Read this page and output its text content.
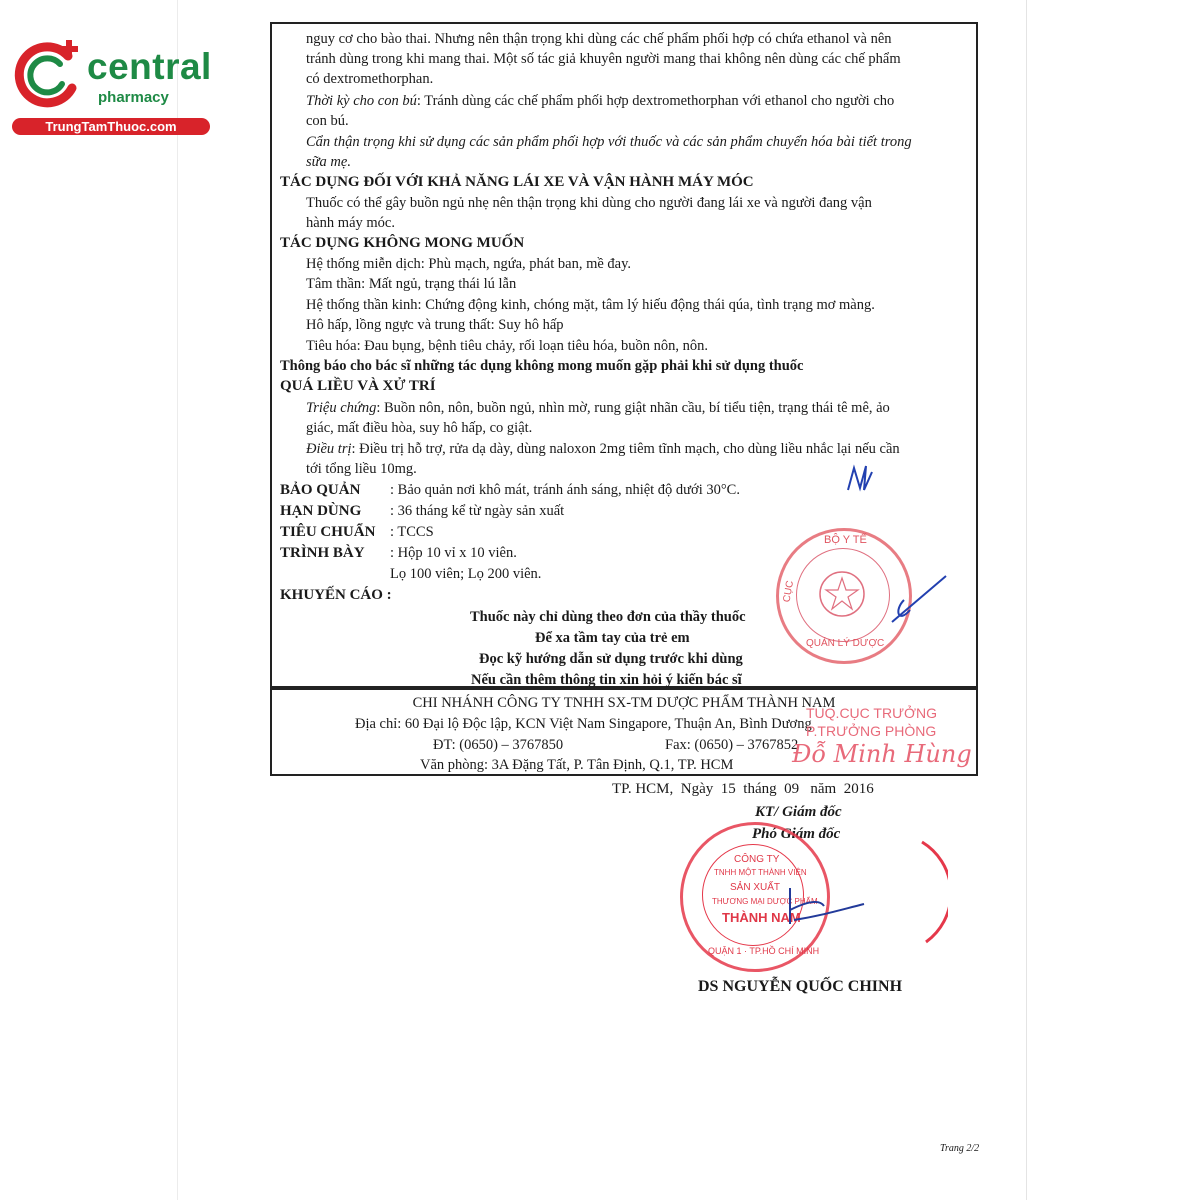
central
pharmacy
TrungTamThuoc.com
nguy cơ cho bào thai. Nhưng nên thận trọng khi dùng các chế phẩm phối hợp có chứa ethanol và nên
tránh dùng trong khi mang thai. Một số tác giả khuyên người mang thai không nên dùng các chế phẩm
có dextromethorphan.
Thời kỳ cho con bú: Tránh dùng các chế phẩm phối hợp dextromethorphan với ethanol cho người cho
con bú.
Cẩn thận trọng khi sử dụng các sản phẩm phối hợp với thuốc và các sản phẩm chuyển hóa bài tiết trong
sữa mẹ.
TÁC DỤNG ĐỐI VỚI KHẢ NĂNG LÁI XE VÀ VẬN HÀNH MÁY MÓC
Thuốc có thể gây buồn ngủ nhẹ nên thận trọng khi dùng cho người đang lái xe và người đang vận
hành máy móc.
TÁC DỤNG KHÔNG MONG MUỐN
Hệ thống miễn dịch: Phù mạch, ngứa, phát ban, mề đay.
Tâm thần: Mất ngủ, trạng thái lú lẫn
Hệ thống thần kinh: Chứng động kinh, chóng mặt, tâm lý hiếu động thái qúa, tình trạng mơ màng.
Hô hấp, lồng ngực và trung thất: Suy hô hấp
Tiêu hóa: Đau bụng, bệnh tiêu chảy, rối loạn tiêu hóa, buồn nôn, nôn.
Thông báo cho bác sĩ những tác dụng không mong muốn gặp phải khi sử dụng thuốc
QUÁ LIỀU VÀ XỬ TRÍ
Triệu chứng: Buồn nôn, nôn, buồn ngủ, nhìn mờ, rung giật nhãn cầu, bí tiểu tiện, trạng thái tê mê, ảo
giác, mất điều hòa, suy hô hấp, co giật.
Điều trị: Điều trị hỗ trợ, rửa dạ dày, dùng naloxon 2mg tiêm tĩnh mạch, cho dùng liều nhắc lại nếu cần
tới tổng liều 10mg.
BẢO QUẢN : Bảo quản nơi khô mát, tránh ánh sáng, nhiệt độ dưới 30°C.
HẠN DÙNG : 36 tháng kể từ ngày sản xuất
TIÊU CHUẨN : TCCS
TRÌNH BÀY : Hộp 10 vỉ x 10 viên.
Lọ 100 viên; Lọ 200 viên.
KHUYẾN CÁO :
Thuốc này chỉ dùng theo đơn của thầy thuốc
Để xa tầm tay của trẻ em
Đọc kỹ hướng dẫn sử dụng trước khi dùng
Nếu cần thêm thông tin xin hỏi ý kiến bác sĩ
CHI NHÁNH CÔNG TY TNHH SX-TM DƯỢC PHẨM THÀNH NAM
Địa chỉ: 60 Đại lộ Độc lập, KCN Việt Nam Singapore, Thuận An, Bình Dương
ĐT: (0650) – 3767850	Fax: (0650) – 3767852
Văn phòng: 3A Đặng Tất, P. Tân Định, Q.1, TP. HCM
TP. HCM, Ngày 15 tháng 09 năm 2016
KT/ Giám đốc
Phó Giám đốc
DS NGUYỄN QUỐC CHINH
BỘ Y TẾ
CỤC
QUẢN LÝ DƯỢC
TUQ.CỤC TRƯỞNG
P.TRƯỞNG PHÒNG
Đỗ Minh Hùng
CÔNG TY
TNHH MỘT THÀNH VIÊN
SẢN XUẤT
THƯƠNG MẠI DƯỢC PHẨM
THÀNH NAM
QUẬN 1 · TP.HỒ CHÍ MINH
Trang 2/2
